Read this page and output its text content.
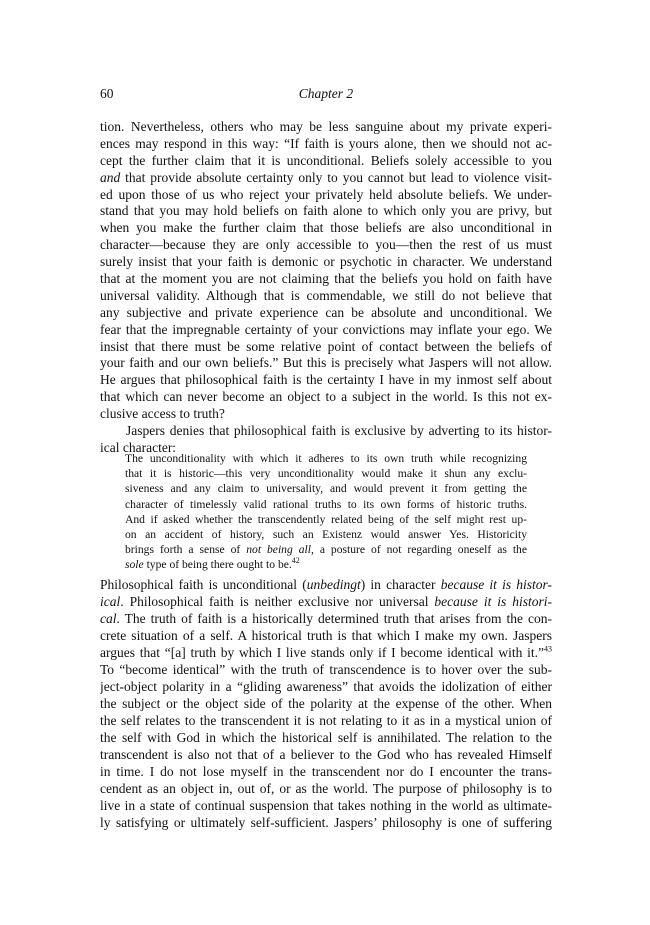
60	Chapter 2
tion. Nevertheless, others who may be less sanguine about my private experi-
ences may respond in this way: “If faith is yours alone, then we should not ac-
cept the further claim that it is unconditional. Beliefs solely accessible to you
and that provide absolute certainty only to you cannot but lead to violence visit-
ed upon those of us who reject your privately held absolute beliefs. We under-
stand that you may hold beliefs on faith alone to which only you are privy, but
when you make the further claim that those beliefs are also unconditional in
character—because they are only accessible to you—then the rest of us must
surely insist that your faith is demonic or psychotic in character. We understand
that at the moment you are not claiming that the beliefs you hold on faith have
universal validity. Although that is commendable, we still do not believe that
any subjective and private experience can be absolute and unconditional. We
fear that the impregnable certainty of your convictions may inflate your ego. We
insist that there must be some relative point of contact between the beliefs of
your faith and our own beliefs.” But this is precisely what Jaspers will not allow.
He argues that philosophical faith is the certainty I have in my inmost self about
that which can never become an object to a subject in the world. Is this not ex-
clusive access to truth?
Jaspers denies that philosophical faith is exclusive by adverting to its histor-
ical character:
The unconditionality with which it adheres to its own truth while recognizing
that it is historic—this very unconditionality would make it shun any exclu-
siveness and any claim to universality, and would prevent it from getting the
character of timelessly valid rational truths to its own forms of historic truths.
And if asked whether the transcendently related being of the self might rest up-
on an accident of history, such an Existenz would answer Yes. Historicity
brings forth a sense of not being all, a posture of not regarding oneself as the
sole type of being there ought to be.$^{42}$
Philosophical faith is unconditional (unbedingt) in character because it is histor-
ical. Philosophical faith is neither exclusive nor universal because it is histori-
cal. The truth of faith is a historically determined truth that arises from the con-
crete situation of a self. A historical truth is that which I make my own. Jaspers
argues that “[a] truth by which I live stands only if I become identical with it.”$^{43}$
To “become identical” with the truth of transcendence is to hover over the sub-
ject-object polarity in a “gliding awareness” that avoids the idolization of either
the subject or the object side of the polarity at the expense of the other. When
the self relates to the transcendent it is not relating to it as in a mystical union of
the self with God in which the historical self is annihilated. The relation to the
transcendent is also not that of a believer to the God who has revealed Himself
in time. I do not lose myself in the transcendent nor do I encounter the trans-
cendent as an object in, out of, or as the world. The purpose of philosophy is to
live in a state of continual suspension that takes nothing in the world as ultimate-
ly satisfying or ultimately self-sufficient. Jaspers’ philosophy is one of suffering
